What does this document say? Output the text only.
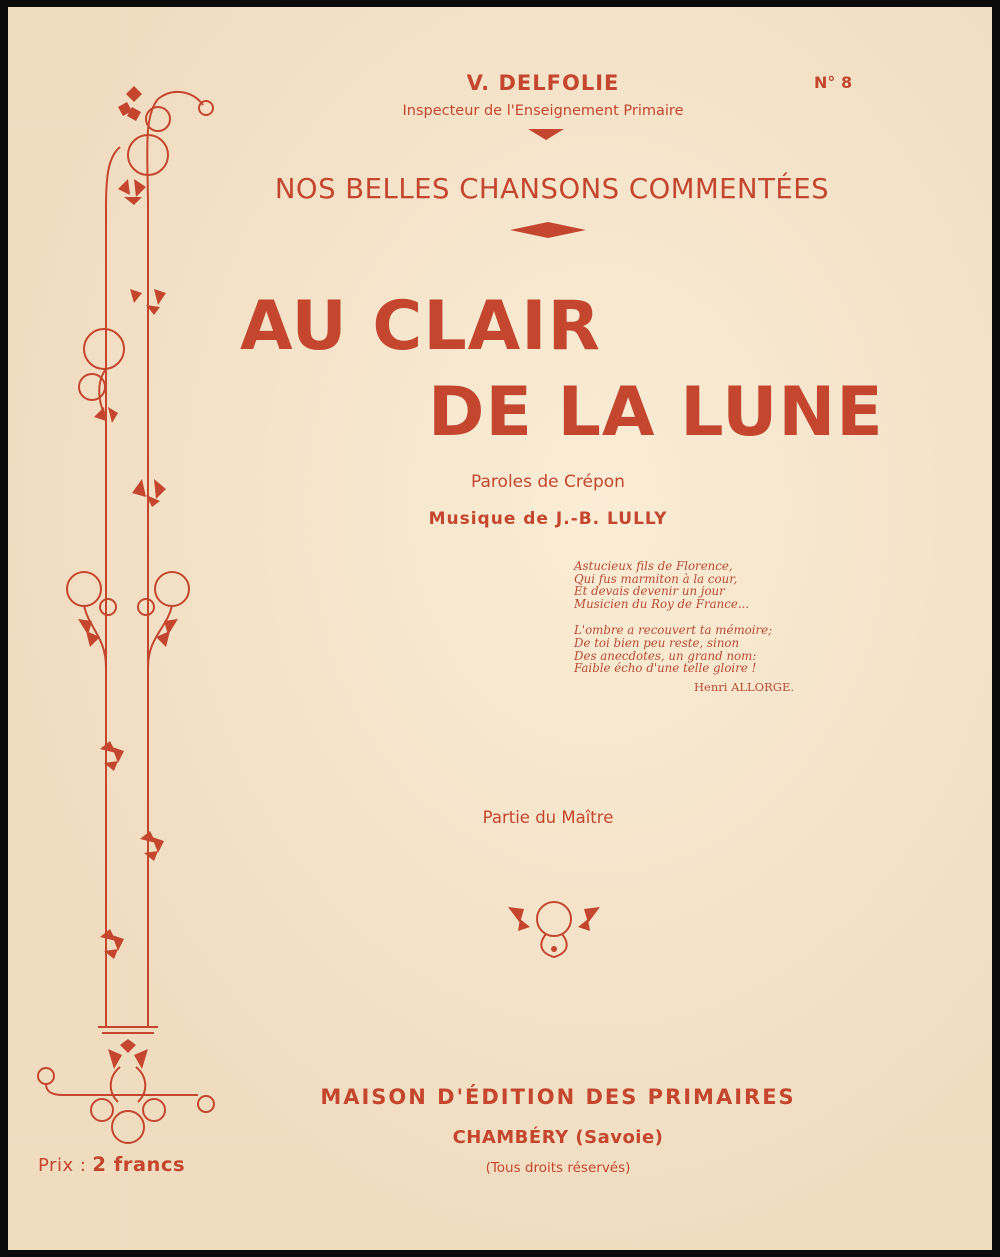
V. DELFOLIE
Inspecteur de l'Enseignement Primaire
N° 8
NOS BELLES CHANSONS COMMENTÉES
AU CLAIR
DE LA LUNE
Paroles de Crépon
Musique de J.-B. LULLY

Astucieux fils de Florence,

Qui fus marmiton à la cour,

Et devais devenir un jour

Musicien du Roy de France...

L'ombre a recouvert ta mémoire;

De toi bien peu reste, sinon

Des anecdotes, un grand nom:

Faible écho d'une telle gloire !

Henri ALLORGE.

Partie du Maître
MAISON D'ÉDITION DES PRIMAIRES
CHAMBÉRY (Savoie)
(Tous droits réservés)
Prix : 2 francs
